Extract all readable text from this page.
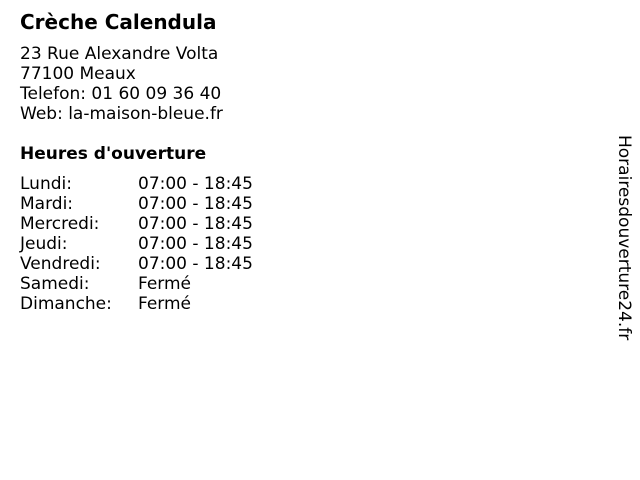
Crèche Calendula
23 Rue Alexandre Volta
77100 Meaux
Telefon: 01 60 09 36 40
Web: la-maison-bleue.fr
Heures d'ouverture
Lundi:	07:00 - 18:45
Mardi:	07:00 - 18:45
Mercredi:	07:00 - 18:45
Jeudi:	07:00 - 18:45
Vendredi:	07:00 - 18:45
Samedi:	Fermé
Dimanche:	Fermé	Horairesdouverture24.fr
